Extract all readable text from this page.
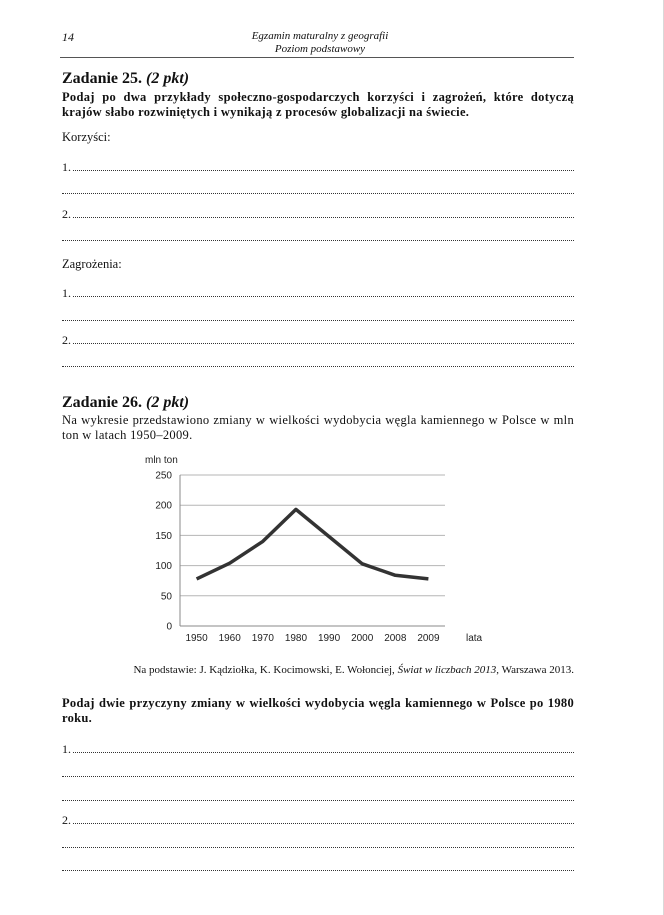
14	Egzamin maturalny z geografii
Poziom podstawowy
Zadanie 25. (2 pkt)
Podaj po dwa przykłady społeczno-gospodarczych korzyści i zagrożeń, które dotyczą krajów słabo rozwiniętych i wynikają z procesów globalizacji na świecie.
Korzyści:
1.
2.
Zagrożenia:
1.
2.
Zadanie 26. (2 pkt)
Na wykresie przedstawiono zmiany w wielkości wydobycia węgla kamiennego w Polsce w mln ton w latach 1950–2009.
0
50
100
150
200
250
1950 1960 1970 1980 1990 2000 2008 2009
mln ton
lata
Na podstawie: J. Kądziołka, K. Kocimowski, E. Wołonciej, Świat w liczbach 2013, Warszawa 2013.
Podaj dwie przyczyny zmiany w wielkości wydobycia węgla kamiennego w Polsce po 1980 roku.
1.
2.
